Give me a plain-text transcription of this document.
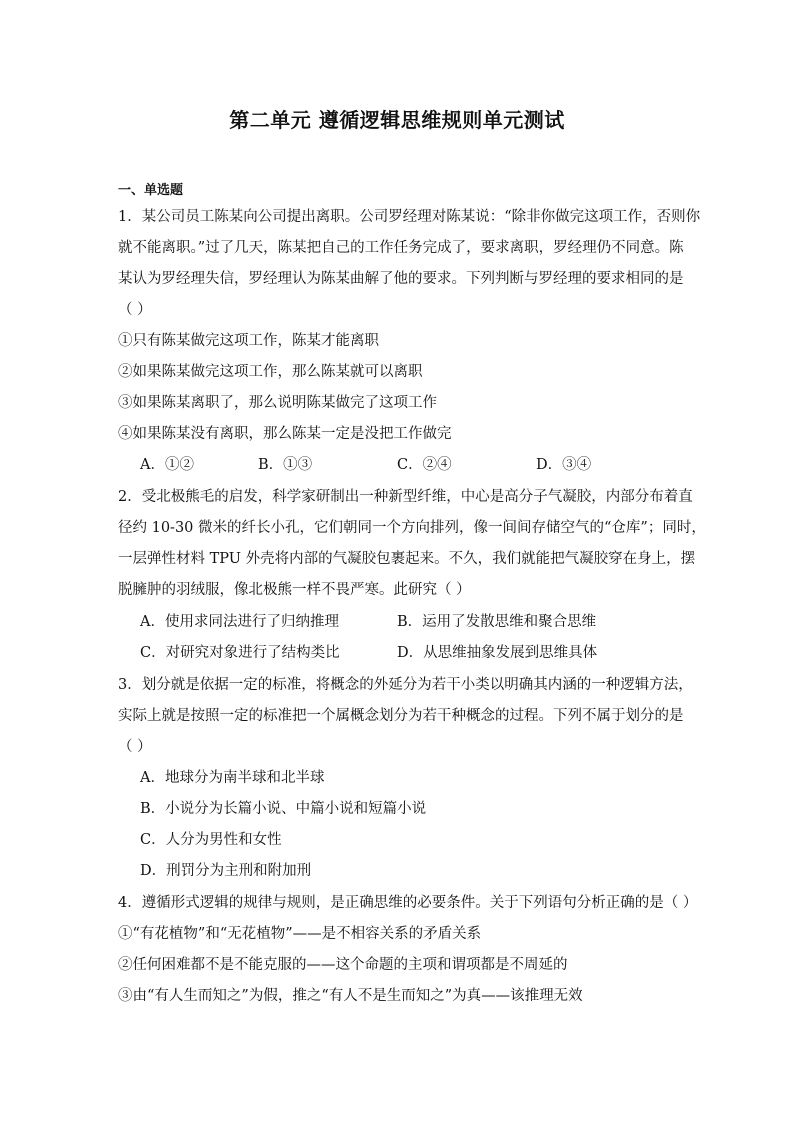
第二单元 遵循逻辑思维规则单元测试
一、单选题
1．某公司员工陈某向公司提出离职。公司罗经理对陈某说：“除非你做完这项工作，否则你
就不能离职。”过了几天，陈某把自己的工作任务完成了，要求离职，罗经理仍不同意。陈
某认为罗经理失信，罗经理认为陈某曲解了他的要求。下列判断与罗经理的要求相同的是
（ ）
①只有陈某做完这项工作，陈某才能离职
②如果陈某做完这项工作，那么陈某就可以离职
③如果陈某离职了，那么说明陈某做完了这项工作
④如果陈某没有离职，那么陈某一定是没把工作做完
A．①②	B．①③	C．②④	D．③④
2．受北极熊毛的启发，科学家研制出一种新型纤维，中心是高分子气凝胶，内部分布着直
径约 10-30 微米的纤长小孔，它们朝同一个方向排列，像一间间存储空气的“仓库”；同时，
一层弹性材料 TPU 外壳将内部的气凝胶包裹起来。不久，我们就能把气凝胶穿在身上，摆
脱臃肿的羽绒服，像北极熊一样不畏严寒。此研究（ ）
A．使用求同法进行了归纳推理	B．运用了发散思维和聚合思维
C．对研究对象进行了结构类比	D．从思维抽象发展到思维具体
3．划分就是依据一定的标准，将概念的外延分为若干小类以明确其内涵的一种逻辑方法，
实际上就是按照一定的标准把一个属概念划分为若干种概念的过程。下列不属于划分的是
（ ）
A．地球分为南半球和北半球
B．小说分为长篇小说、中篇小说和短篇小说
C．人分为男性和女性
D．刑罚分为主刑和附加刑
4．遵循形式逻辑的规律与规则，是正确思维的必要条件。关于下列语句分析正确的是（ ）
①“有花植物”和“无花植物”——是不相容关系的矛盾关系
②任何困难都不是不能克服的——这个命题的主项和谓项都是不周延的
③由“有人生而知之”为假，推之“有人不是生而知之”为真——该推理无效
